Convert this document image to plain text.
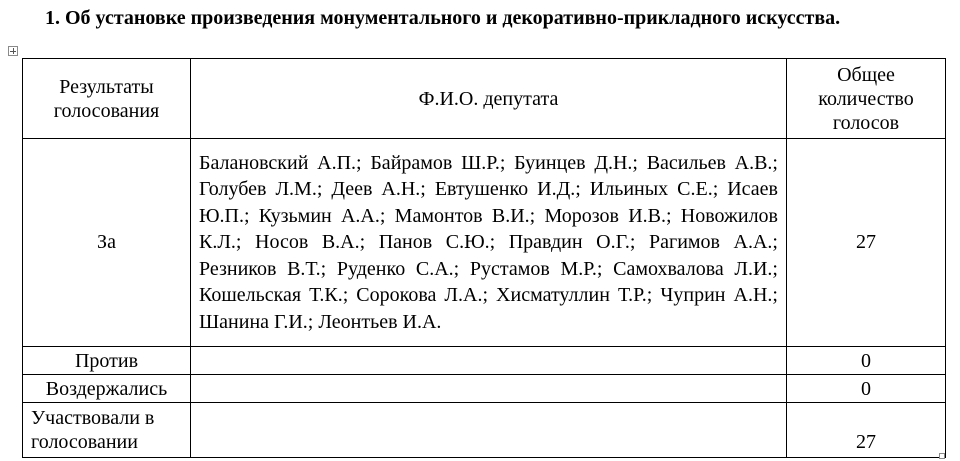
1. Об установке произведения монументального и декоративно-прикладного искусства.
Результаты голосования	Ф.И.О. депутата	Общее количество голосов
За	Балановский А.П.; Байрамов Ш.Р.; Буинцев Д.Н.; Васильев А.В.; Голубев Л.М.; Деев А.Н.; Евтушенко И.Д.; Ильиных С.Е.; Исаев Ю.П.; Кузьмин А.А.; Мамонтов В.И.; Морозов И.В.; Новожилов К.Л.; Носов В.А.; Панов С.Ю.; Правдин О.Г.; Рагимов А.А.; Резников В.Т.; Руденко С.А.; Рустамов М.Р.; Самохвалова Л.И.; Кошельская Т.К.; Сорокова Л.А.; Хисматуллин Т.Р.; Чуприн А.Н.; Шанина Г.И.; Леонтьев И.А.	27
Против		0
Воздержались		0
Участвовали в голосовании		27
